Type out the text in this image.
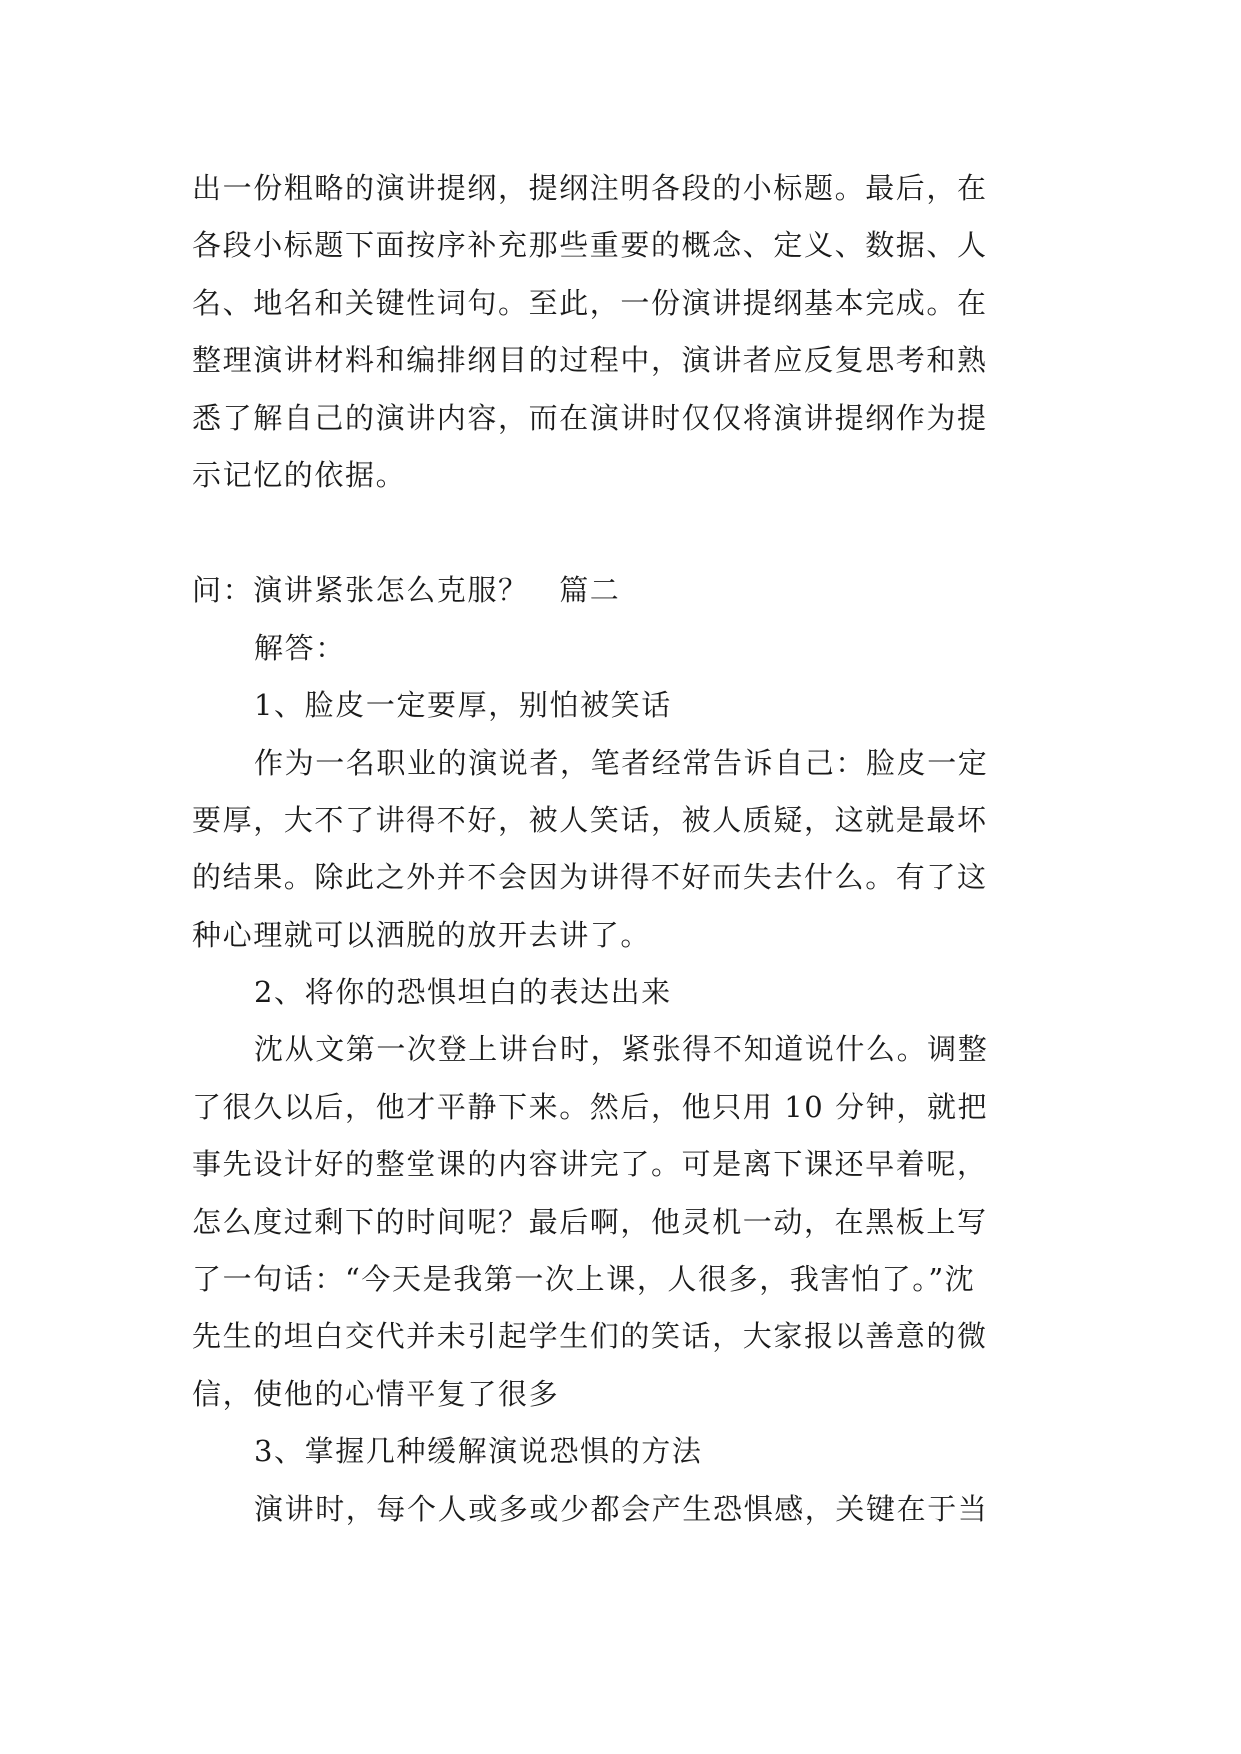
出一份粗略的演讲提纲，提纲注明各段的小标题。最后，在
各段小标题下面按序补充那些重要的概念、定义、数据、人
名、地名和关键性词句。至此，一份演讲提纲基本完成。在
整理演讲材料和编排纲目的过程中，演讲者应反复思考和熟
悉了解自己的演讲内容，而在演讲时仅仅将演讲提纲作为提
示记忆的依据。
问：演讲紧张怎么克服？　篇二
解答：
1、脸皮一定要厚，别怕被笑话
作为一名职业的演说者，笔者经常告诉自己：脸皮一定
要厚，大不了讲得不好，被人笑话，被人质疑，这就是最坏
的结果。除此之外并不会因为讲得不好而失去什么。有了这
种心理就可以洒脱的放开去讲了。
2、将你的恐惧坦白的表达出来
沈从文第一次登上讲台时，紧张得不知道说什么。调整
了很久以后，他才平静下来。然后，他只用 10 分钟，就把
事先设计好的整堂课的内容讲完了。可是离下课还早着呢，
怎么度过剩下的时间呢？最后啊，他灵机一动，在黑板上写
了一句话：“今天是我第一次上课，人很多，我害怕了。”沈
先生的坦白交代并未引起学生们的笑话，大家报以善意的微
信，使他的心情平复了很多
3、掌握几种缓解演说恐惧的方法
演讲时，每个人或多或少都会产生恐惧感，关键在于当
